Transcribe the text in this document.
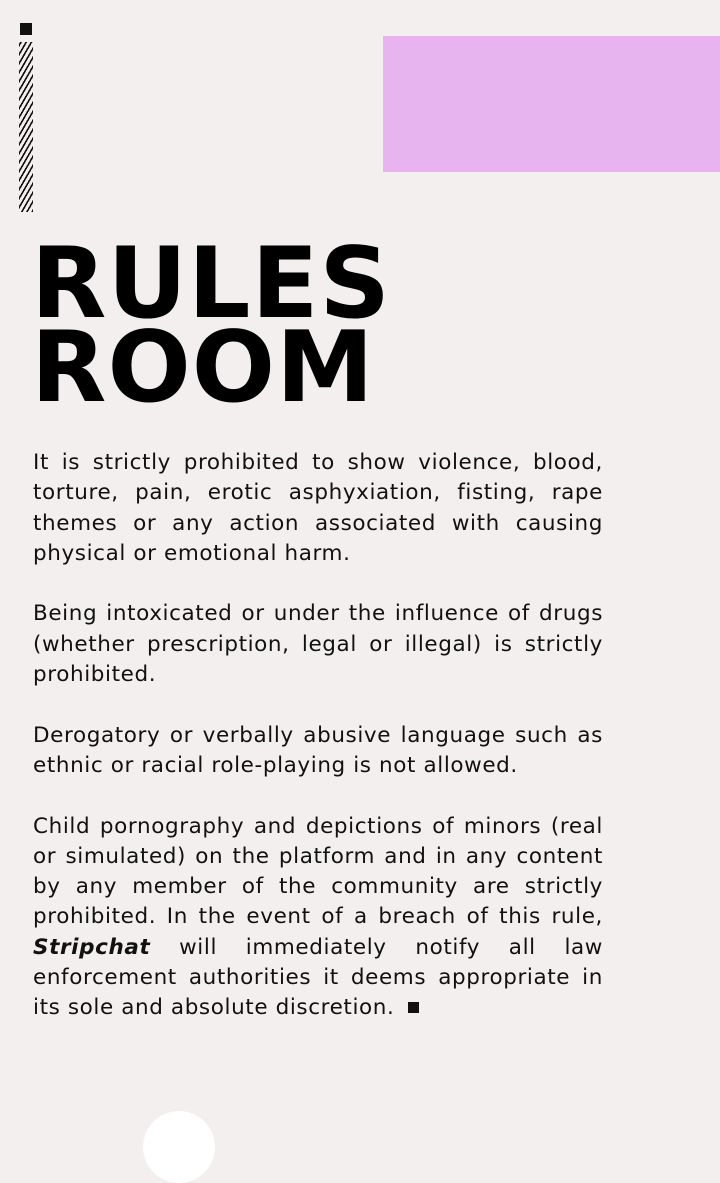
RULES
ROOM

It is strictly prohibited to show violence, blood, torture, pain, erotic asphyxiation, fisting, rape themes or any action associated with causing physical or emotional harm.

Being intoxicated or under the influence of drugs (whether prescription, legal or illegal) is strictly prohibited.

Derogatory or verbally abusive language such as ethnic or racial role-playing is not allowed.

Child pornography and depictions of minors (real or simulated) on the platform and in any content by any member of the community are strictly prohibited. In the event of a breach of this rule, Stripchat will immediately notify all law enforcement authorities it deems appropriate in its sole and absolute discretion.
